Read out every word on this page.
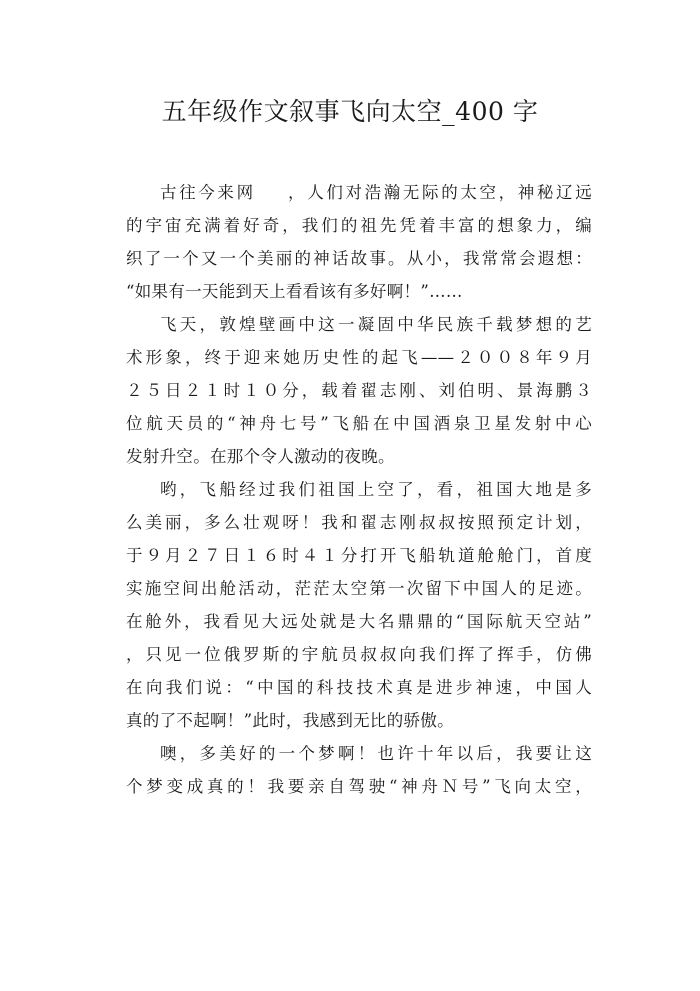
五年级作文叙事飞向太空_400 字
古往今来网 ，人们对浩瀚无际的太空，神秘辽远
的宇宙充满着好奇，我们的祖先凭着丰富的想象力，编
织了一个又一个美丽的神话故事。从小，我常常会遐想：
“如果有一天能到天上看看该有多好啊！”……
飞天，敦煌壁画中这一凝固中华民族千载梦想的艺
术形象，终于迎来她历史性的起飞——２００８年９月
２５日２１时１０分，载着翟志刚、刘伯明、景海鹏３
位航天员的“神舟七号”飞船在中国酒泉卫星发射中心
发射升空。在那个令人激动的夜晚。
哟，飞船经过我们祖国上空了，看，祖国大地是多
么美丽，多么壮观呀！我和翟志刚叔叔按照预定计划，
于９月２７日１６时４１分打开飞船轨道舱舱门，首度
实施空间出舱活动，茫茫太空第一次留下中国人的足迹。
在舱外，我看见大远处就是大名鼎鼎的“国际航天空站”
，只见一位俄罗斯的宇航员叔叔向我们挥了挥手，仿佛
在向我们说：“中国的科技技术真是进步神速，中国人
真的了不起啊！”此时，我感到无比的骄傲。
噢，多美好的一个梦啊！也许十年以后，我要让这
个梦变成真的！我要亲自驾驶“神舟Ｎ号”飞向太空，
